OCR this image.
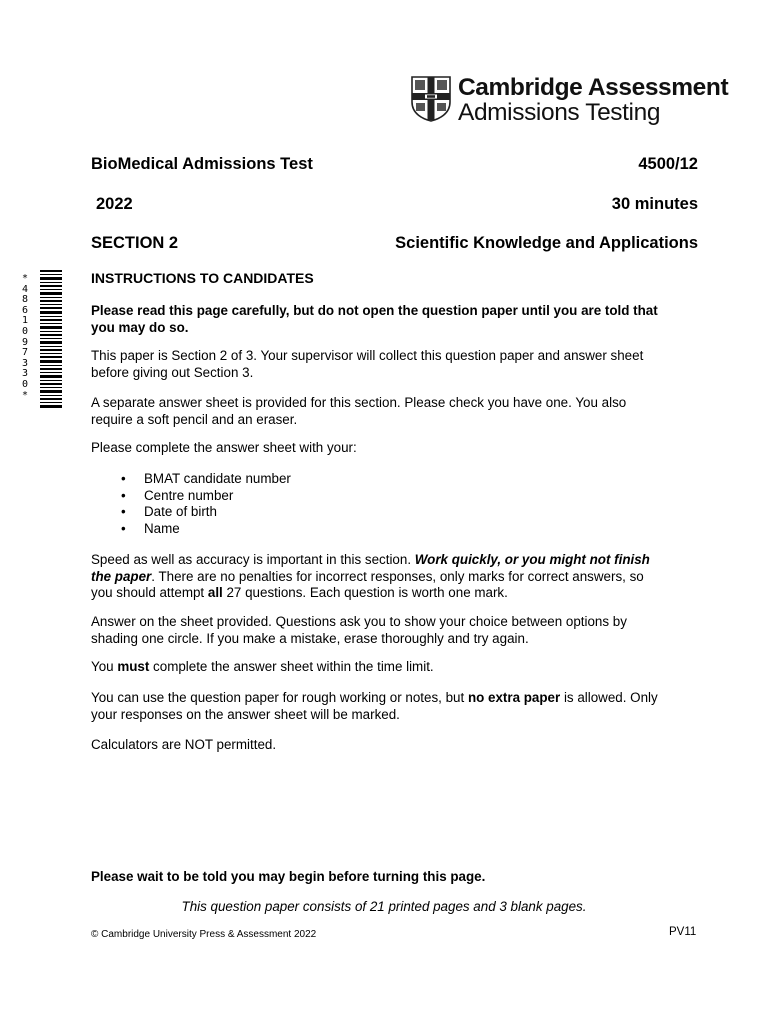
Cambridge Assessment
Admissions Testing
BioMedical Admissions Test	4500/12
2022	30 minutes
SECTION 2	Scientific Knowledge and Applications
*
4
8
6
1
0
9
7
3
3
0
*
INSTRUCTIONS TO CANDIDATES
Please read this page carefully, but do not open the question paper until you are told that
you may do so.
This paper is Section 2 of 3. Your supervisor will collect this question paper and answer sheet
before giving out Section 3.
A separate answer sheet is provided for this section. Please check you have one. You also
require a soft pencil and an eraser.
Please complete the answer sheet with your:
• BMAT candidate number
• Centre number
• Date of birth
• Name
Speed as well as accuracy is important in this section. Work quickly, or you might not finish
the paper. There are no penalties for incorrect responses, only marks for correct answers, so
you should attempt all 27 questions. Each question is worth one mark.
Answer on the sheet provided. Questions ask you to show your choice between options by
shading one circle. If you make a mistake, erase thoroughly and try again.
You must complete the answer sheet within the time limit.
You can use the question paper for rough working or notes, but no extra paper is allowed. Only
your responses on the answer sheet will be marked.
Calculators are NOT permitted.
Please wait to be told you may begin before turning this page.
This question paper consists of 21 printed pages and 3 blank pages.
© Cambridge University Press & Assessment 2022	PV11
